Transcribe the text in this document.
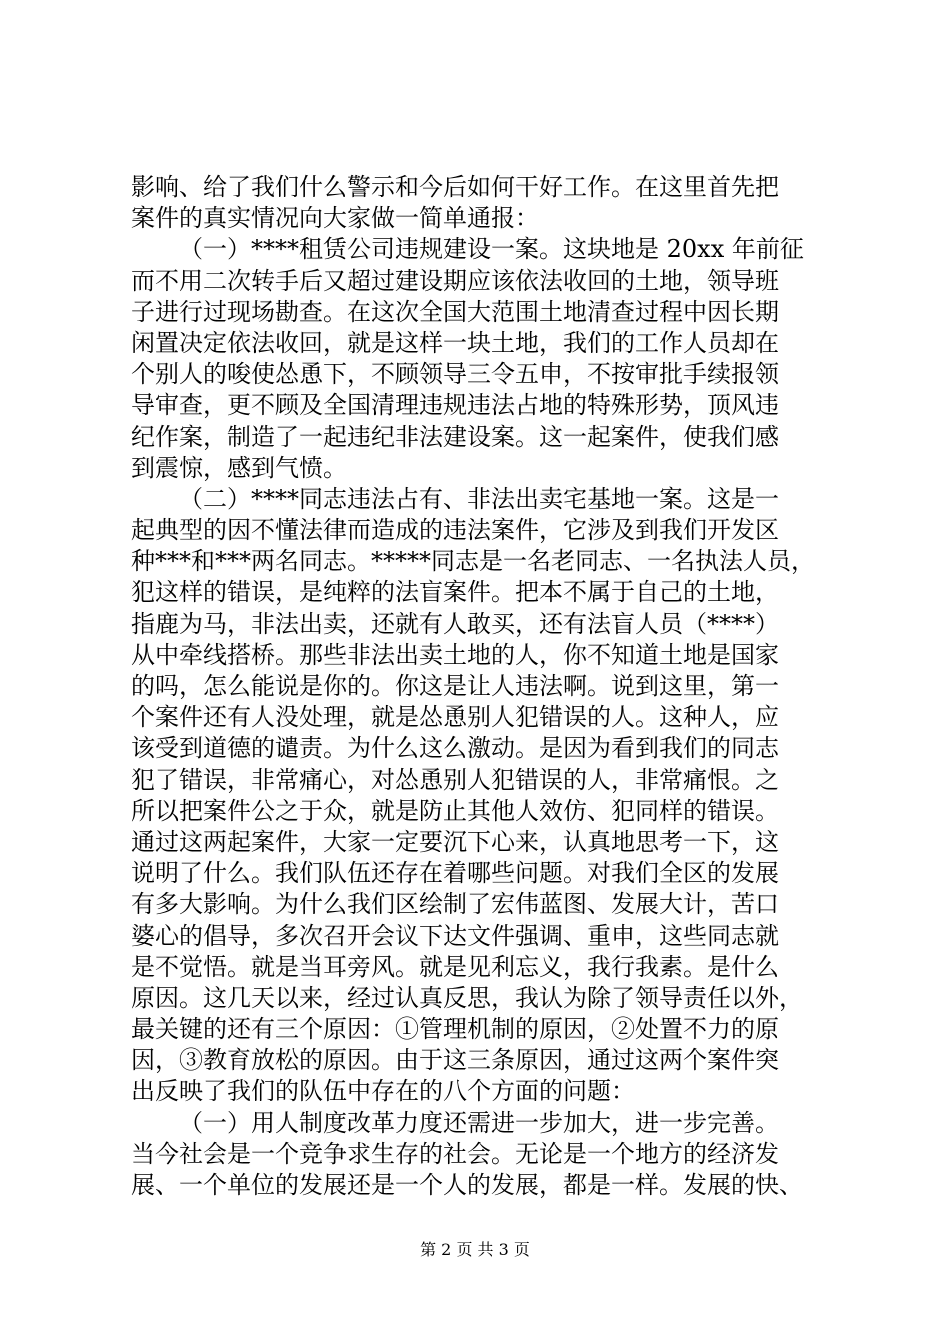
影响、给了我们什么警示和今后如何干好工作。在这里首先把
案件的真实情况向大家做一简单通报：
（一）****租赁公司违规建设一案。这块地是 20xx 年前征
而不用二次转手后又超过建设期应该依法收回的土地，领导班
子进行过现场勘查。在这次全国大范围土地清查过程中因长期
闲置决定依法收回，就是这样一块土地，我们的工作人员却在
个别人的唆使怂恿下，不顾领导三令五申，不按审批手续报领
导审查，更不顾及全国清理违规违法占地的特殊形势，顶风违
纪作案，制造了一起违纪非法建设案。这一起案件，使我们感
到震惊，感到气愤。
（二）****同志违法占有、非法出卖宅基地一案。这是一
起典型的因不懂法律而造成的违法案件，它涉及到我们开发区
种***和***两名同志。*****同志是一名老同志、一名执法人员，
犯这样的错误，是纯粹的法盲案件。把本不属于自己的土地，
指鹿为马，非法出卖，还就有人敢买，还有法盲人员（****）
从中牵线搭桥。那些非法出卖土地的人，你不知道土地是国家
的吗，怎么能说是你的。你这是让人违法啊。说到这里，第一
个案件还有人没处理，就是怂恿别人犯错误的人。这种人，应
该受到道德的谴责。为什么这么激动。是因为看到我们的同志
犯了错误，非常痛心，对怂恿别人犯错误的人，非常痛恨。之
所以把案件公之于众，就是防止其他人效仿、犯同样的错误。
通过这两起案件，大家一定要沉下心来，认真地思考一下，这
说明了什么。我们队伍还存在着哪些问题。对我们全区的发展
有多大影响。为什么我们区绘制了宏伟蓝图、发展大计，苦口
婆心的倡导，多次召开会议下达文件强调、重申，这些同志就
是不觉悟。就是当耳旁风。就是见利忘义，我行我素。是什么
原因。这几天以来，经过认真反思，我认为除了领导责任以外，
最关键的还有三个原因：①管理机制的原因，②处置不力的原
因，③教育放松的原因。由于这三条原因，通过这两个案件突
出反映了我们的队伍中存在的八个方面的问题：
（一）用人制度改革力度还需进一步加大，进一步完善。
当今社会是一个竞争求生存的社会。无论是一个地方的经济发
展、一个单位的发展还是一个人的发展，都是一样。发展的快、
第 2 页 共 3 页
